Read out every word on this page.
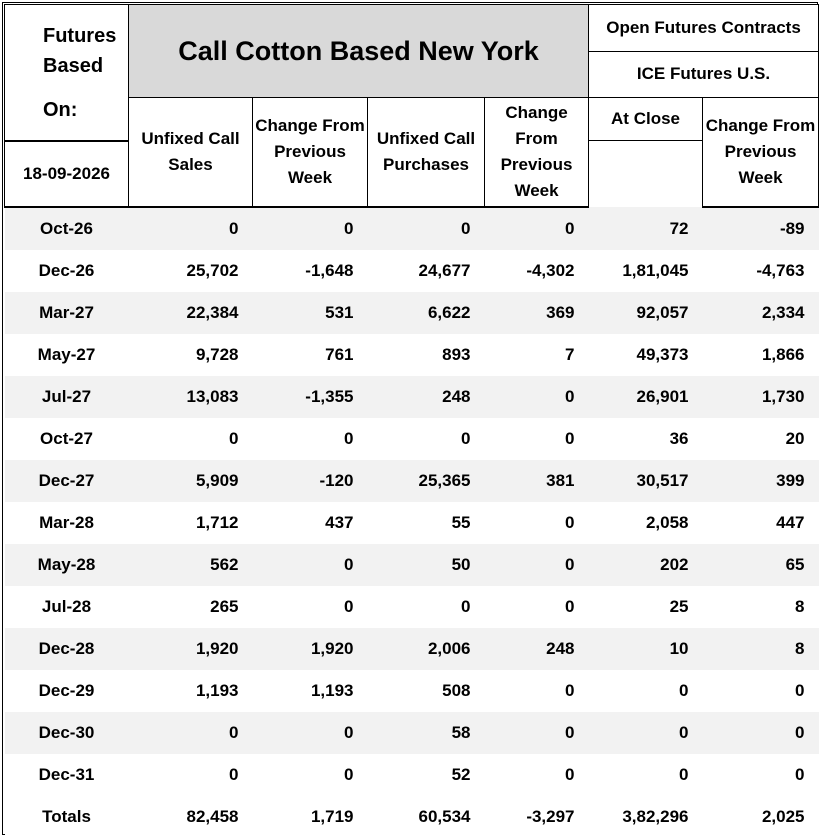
Futures
Based
On:	Call Cotton Based New York				Open Futures Contracts	
					ICE Futures U.S.	
	Unfixed Call Sales	Change From Previous Week	Unfixed Call Purchases	Change From Previous Week	At Close	Change From Previous Week
18-09-2026						
Oct-26	0	0	0	0	72	-89
Dec-26	25,702	-1,648	24,677	-4,302	1,81,045	-4,763
Mar-27	22,384	531	6,622	369	92,057	2,334
May-27	9,728	761	893	7	49,373	1,866
Jul-27	13,083	-1,355	248	0	26,901	1,730
Oct-27	0	0	0	0	36	20
Dec-27	5,909	-120	25,365	381	30,517	399
Mar-28	1,712	437	55	0	2,058	447
May-28	562	0	50	0	202	65
Jul-28	265	0	0	0	25	8
Dec-28	1,920	1,920	2,006	248	10	8
Dec-29	1,193	1,193	508	0	0	0
Dec-30	0	0	58	0	0	0
Dec-31	0	0	52	0	0	0
Totals	82,458	1,719	60,534	-3,297	3,82,296	2,025
